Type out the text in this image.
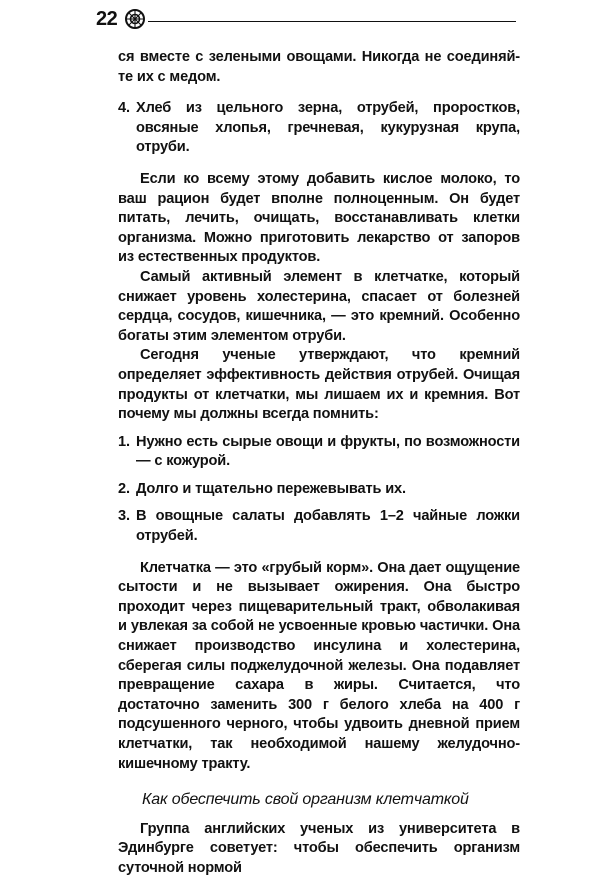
22

ся вместе с зелеными овощами. Никогда не соединяй-те их с медом.

4. Хлеб из цельного зерна, отрубей, проростков, овсяные хлопья, гречневая, кукурузная крупа, отруби.

Если ко всему этому добавить кислое молоко, то ваш рацион будет вполне полноценным. Он будет питать, лечить, очищать, восстанавливать клетки организма. Можно приготовить лекарство от запоров из естественных продуктов.

Самый активный элемент в клетчатке, который снижает уровень холестерина, спасает от болезней сердца, сосудов, кишечника, — это кремний. Особенно богаты этим элементом отруби.

Сегодня ученые утверждают, что кремний определяет эффективность действия отрубей. Очищая продукты от клетчатки, мы лишаем их и кремния. Вот почему мы должны всегда помнить:

1. Нужно есть сырые овощи и фрукты, по возможности — с кожурой.
2. Долго и тщательно пережевывать их.
3. В овощные салаты добавлять 1–2 чайные ложки отрубей.

Клетчатка — это «грубый корм». Она дает ощущение сытости и не вызывает ожирения. Она быстро проходит через пищеварительный тракт, обволакивая и увлекая за собой не усвоенные кровью частички. Она снижает производство инсулина и холестерина, сберегая силы поджелудочной железы. Она подавляет превращение сахара в жиры. Считается, что достаточно заменить 300 г белого хлеба на 400 г подсушенного черного, чтобы удвоить дневной прием клетчатки, так необходимой нашему желудочно-кишечному тракту.

Как обеспечить свой организм клетчаткой

Группа английских ученых из университета в Эдинбурге советует: чтобы обеспечить организм суточной нормой
